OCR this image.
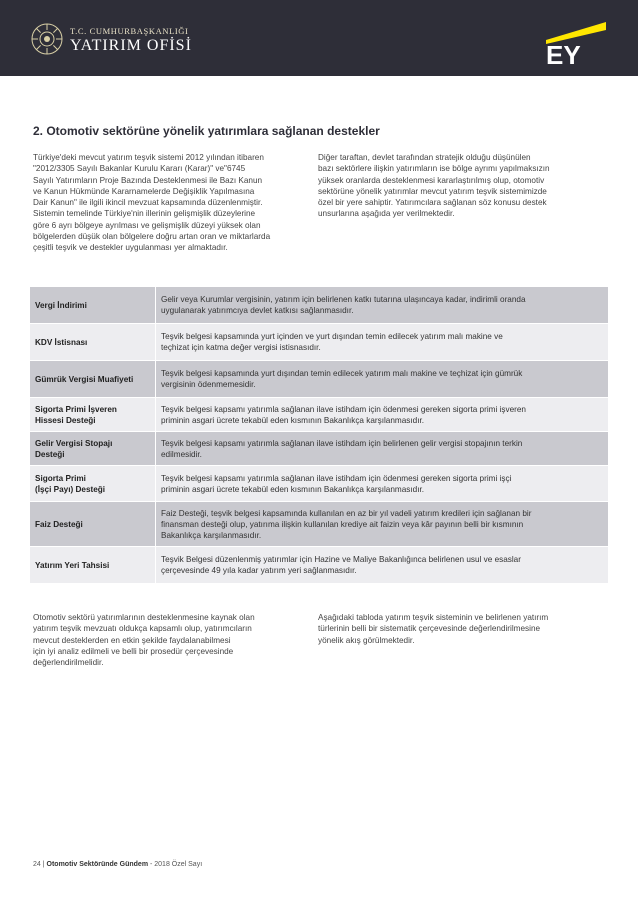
T.C. CUMHURBAŞKANLIĞI
YATIRIM OFİSİ	EY
2. Otomotiv sektörüne yönelik yatırımlara sağlanan destekler
Türkiye'deki mevcut yatırım teşvik sistemi 2012 yılından itibaren
"2012/3305 Sayılı Bakanlar Kurulu Kararı (Karar)" ve"6745
Sayılı Yatırımların Proje Bazında Desteklenmesi ile Bazı Kanun
ve Kanun Hükmünde Kararnamelerde Değişiklik Yapılmasına
Dair Kanun" ile ilgili ikincil mevzuat kapsamında düzenlenmiştir.
Sistemin temelinde Türkiye'nin illerinin gelişmişlik düzeylerine
göre 6 ayrı bölgeye ayrılması ve gelişmişlik düzeyi yüksek olan
bölgelerden düşük olan bölgelere doğru artan oran ve miktarlarda
çeşitli teşvik ve destekler uygulanması yer almaktadır.
Diğer taraftan, devlet tarafından stratejik olduğu düşünülen
bazı sektörlere ilişkin yatırımların ise bölge ayrımı yapılmaksızın
yüksek oranlarda desteklenmesi kararlaştırılmış olup, otomotiv
sektörüne yönelik yatırımlar mevcut yatırım teşvik sistemimizde
özel bir yere sahiptir. Yatırımcılara sağlanan söz konusu destek
unsurlarına aşağıda yer verilmektedir.
Vergi İndirimi
Gelir veya Kurumlar vergisinin, yatırım için belirlenen katkı tutarına ulaşıncaya kadar, indirimli oranda
uygulanarak yatırımcıya devlet katkısı sağlanmasıdır.
KDV İstisnası
Teşvik belgesi kapsamında yurt içinden ve yurt dışından temin edilecek yatırım malı makine ve
teçhizat için katma değer vergisi istisnasıdır.
Gümrük Vergisi Muafiyeti
Teşvik belgesi kapsamında yurt dışından temin edilecek yatırım malı makine ve teçhizat için gümrük
vergisinin ödenmemesidir.
Sigorta Primi İşveren
Hissesi Desteği
Teşvik belgesi kapsamı yatırımla sağlanan ilave istihdam için ödenmesi gereken sigorta primi işveren
priminin asgari ücrete tekabül eden kısmının Bakanlıkça karşılanmasıdır.
Gelir Vergisi Stopajı
Desteği
Teşvik belgesi kapsamı yatırımla sağlanan ilave istihdam için belirlenen gelir vergisi stopajının terkin
edilmesidir.
Sigorta Primi
(İşçi Payı) Desteği
Teşvik belgesi kapsamı yatırımla sağlanan ilave istihdam için ödenmesi gereken sigorta primi işçi
priminin asgari ücrete tekabül eden kısmının Bakanlıkça karşılanmasıdır.
Faiz Desteği
Faiz Desteği, teşvik belgesi kapsamında kullanılan en az bir yıl vadeli yatırım kredileri için sağlanan bir
finansman desteği olup, yatırıma ilişkin kullanılan krediye ait faizin veya kâr payının belli bir kısmının
Bakanlıkça karşılanmasıdır.
Yatırım Yeri Tahsisi
Teşvik Belgesi düzenlenmiş yatırımlar için Hazine ve Maliye Bakanlığınca belirlenen usul ve esaslar
çerçevesinde 49 yıla kadar yatırım yeri sağlanmasıdır.
Otomotiv sektörü yatırımlarının desteklenmesine kaynak olan
yatırım teşvik mevzuatı oldukça kapsamlı olup, yatırımcıların
mevcut desteklerden en etkin şekilde faydalanabilmesi
için iyi analiz edilmeli ve belli bir prosedür çerçevesinde
değerlendirilmelidir.
Aşağıdaki tabloda yatırım teşvik sisteminin ve belirlenen yatırım
türlerinin belli bir sistematik çerçevesinde değerlendirilmesine
yönelik akış görülmektedir.
24 | Otomotiv Sektöründe Gündem - 2018 Özel Sayı
